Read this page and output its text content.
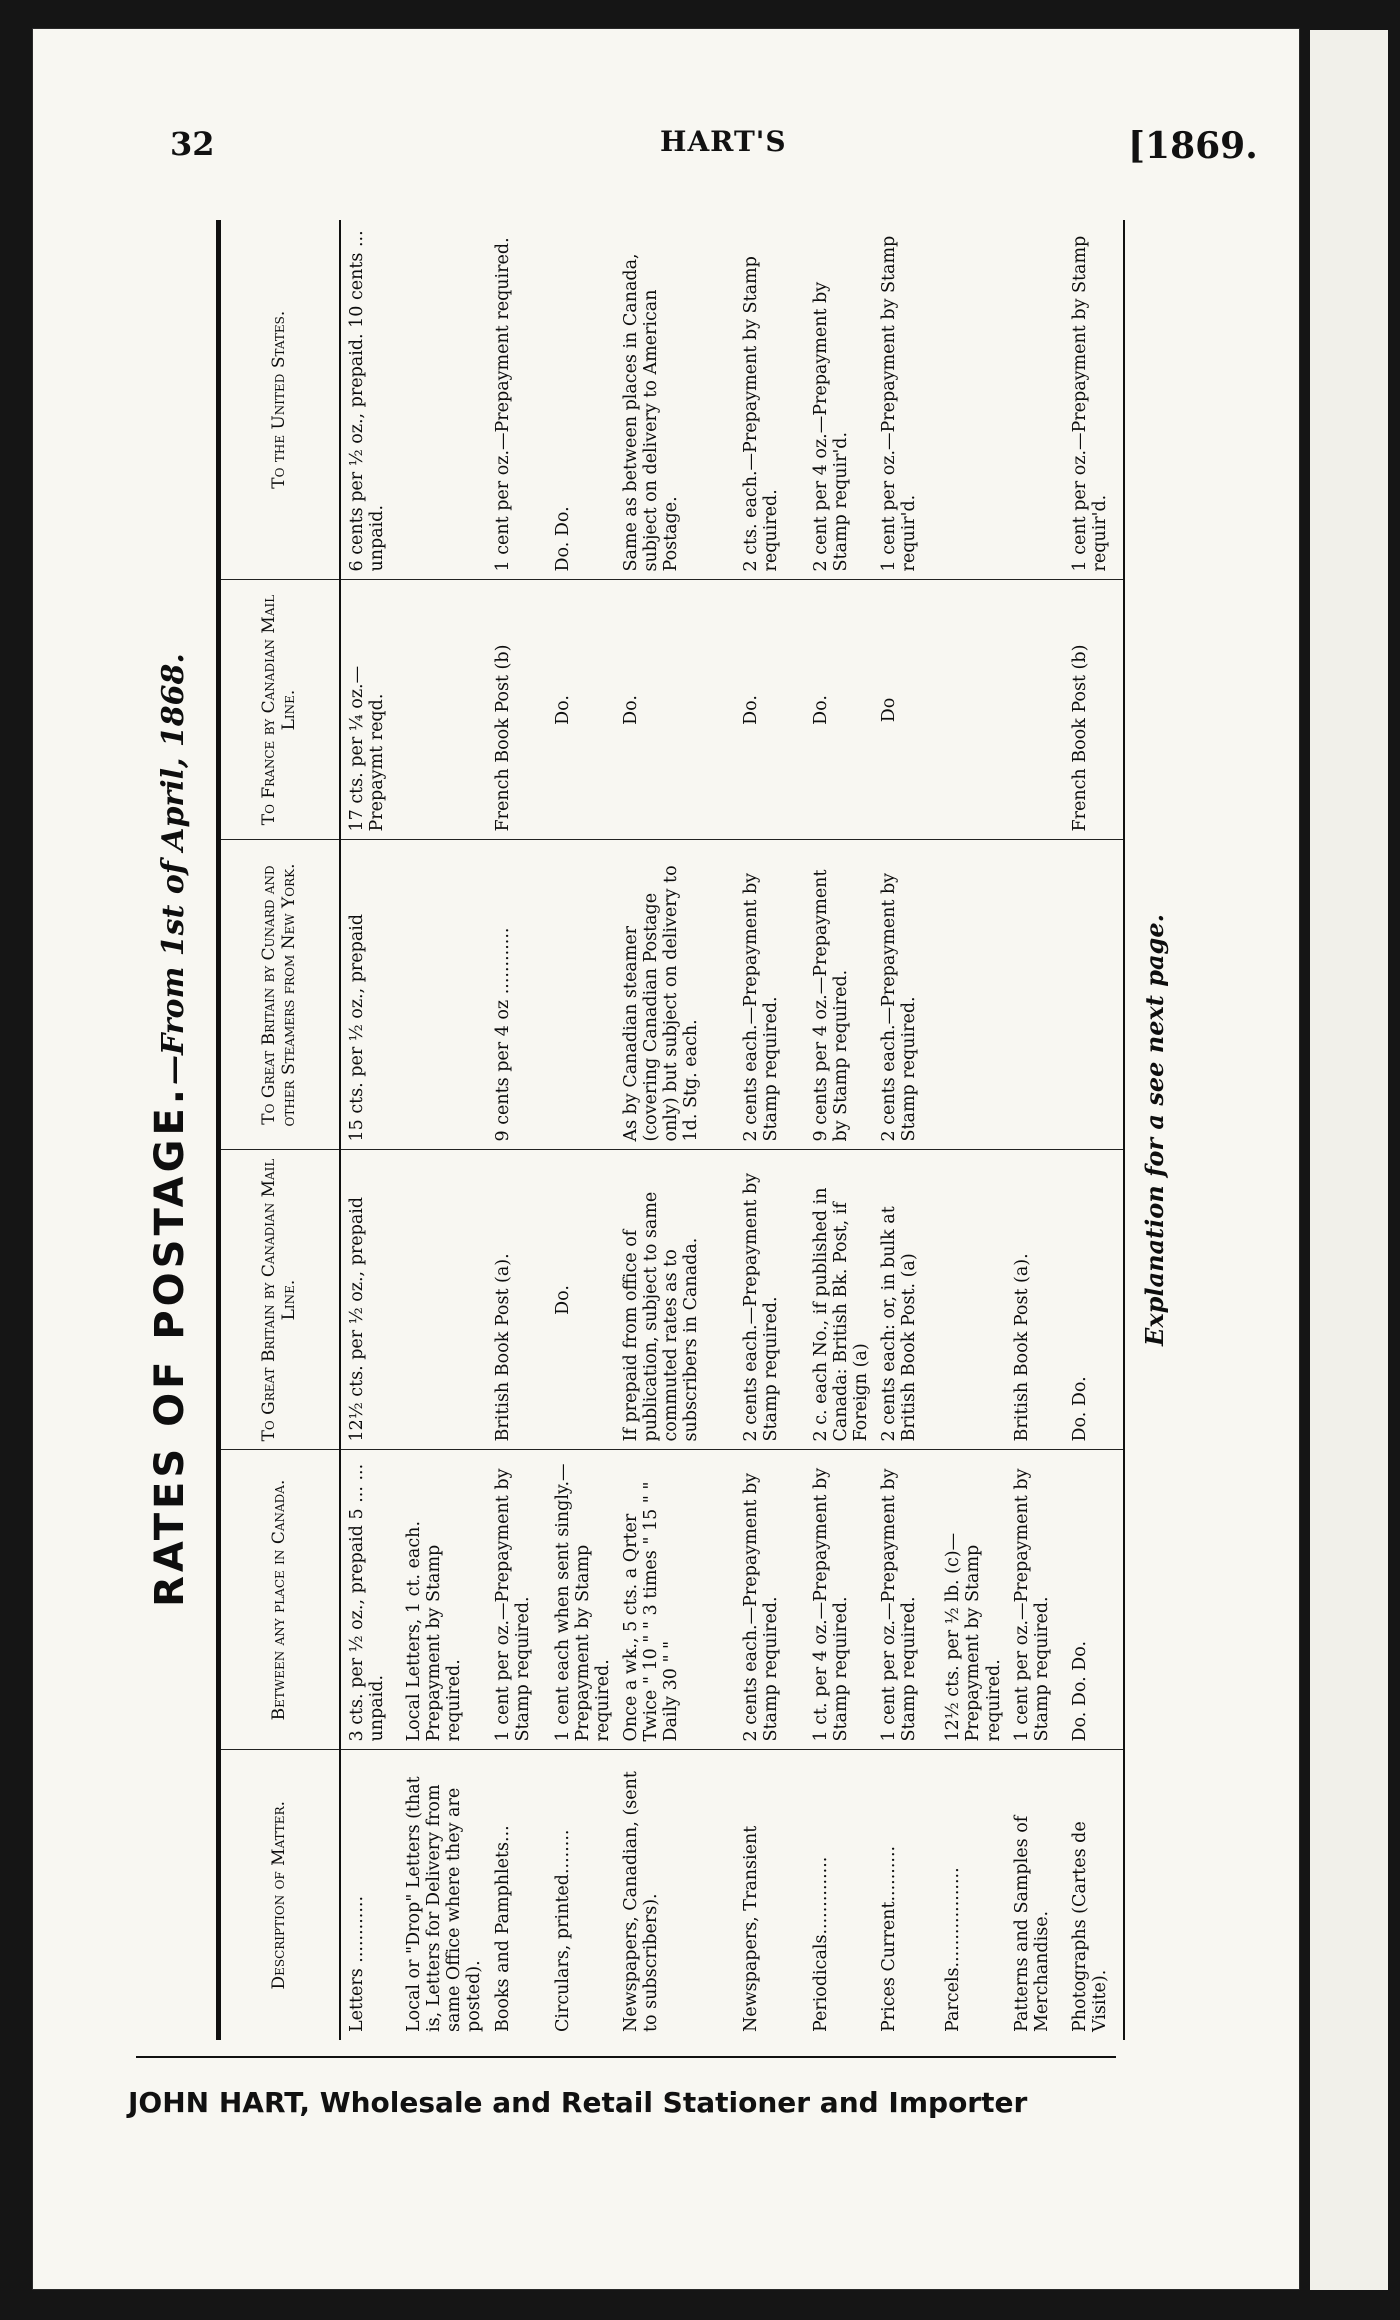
32	HART'S	[1869.
RATES OF POSTAGE.—From 1st of April, 1868.
Description of Matter.	Between any place in Canada.	To Great Britain by Canadian Mail Line.	To Great Britain by Cunard and other Steamers from New York.	To France by Canadian Mail Line.	To the United States.
Letters ............	3 cts. per ½ oz., prepaid 5 ... ... unpaid.	12½ cts. per ½ oz., prepaid	15 cts. per ½ oz., prepaid	17 cts. per ¼ oz.— Prepaymt reqd.	6 cents per ½ oz., prepaid. 10 cents ... unpaid.
Local or "Drop" Letters (that is, Letters for Delivery from same Office where they are posted).	Local Letters, 1 ct. each. Prepayment by Stamp required.				
Books and Pamphlets...	1 cent per oz.—Prepayment by Stamp required.	British Book Post (a).	9 cents per 4 oz ............	French Book Post (b)	1 cent per oz.—Prepayment required.
Circulars, printed........	1 cent each when sent singly.—Prepayment by Stamp required.	Do.		Do.	Do. Do.
Newspapers, Canadian, (sent to subscribers).	Once a wk., 5 cts. a Qrter Twice " 10 " " 3 times " 15 " " Daily 30 " "	If prepaid from office of publication, subject to same commuted rates as to subscribers in Canada.	As by Canadian steamer (covering Canadian Postage only) but subject on delivery to 1d. Stg. each.	Do.	Same as between places in Canada, subject on delivery to American Postage.
Newspapers, Transient	2 cents each.—Prepayment by Stamp required.	2 cents each.—Prepayment by Stamp required.	2 cents each.—Prepayment by Stamp required.	Do.	2 cts. each.—Prepayment by Stamp required.
Periodicals..............	1 ct. per 4 oz.—Prepayment by Stamp required.	2 c. each No., if published in Canada: British Bk. Post, if Foreign (a)	9 cents per 4 oz.—Prepayment by Stamp required.	Do.	2 cent per 4 oz.—Prepayment by Stamp requir'd.
Prices Current..........	1 cent per oz.—Prepayment by Stamp required.	2 cents each: or, in bulk at British Book Post. (a)	2 cents each.—Prepayment by Stamp required.	Do	1 cent per oz.—Prepayment by Stamp requir'd.
Parcels..................	12½ cts. per ½ lb. (c)—Prepayment by Stamp required.				
Patterns and Samples of Merchandise.	1 cent per oz.—Prepayment by Stamp required.	British Book Post (a).			
Photographs (Cartes de Visite).	Do. Do. Do.	Do. Do.		French Book Post (b)	1 cent per oz.—Prepayment by Stamp requir'd.
Explanation for a see next page.
JOHN HART, Wholesale and Retail Stationer and Importer
